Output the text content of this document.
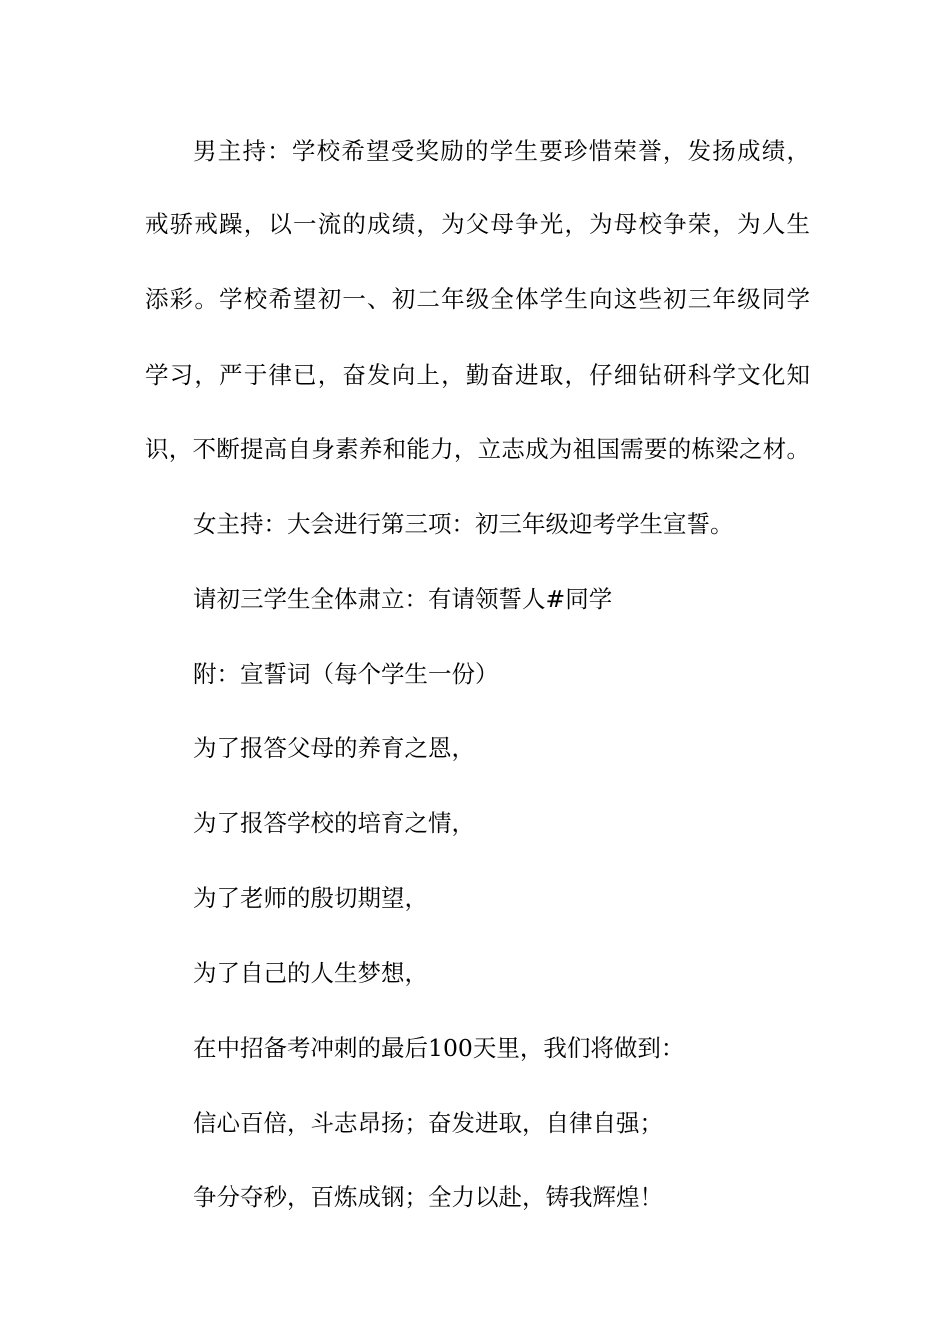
男主持：学校希望受奖励的学生要珍惜荣誉，发扬成绩，
戒骄戒躁，以一流的成绩，为父母争光，为母校争荣，为人生
添彩。学校希望初一、初二年级全体学生向这些初三年级同学
学习，严于律已，奋发向上，勤奋进取，仔细钻研科学文化知
识，不断提高自身素养和能力，立志成为祖国需要的栋梁之材。
女主持：大会进行第三项：初三年级迎考学生宣誓。
请初三学生全体肃立：有请领誓人#同学
附：宣誓词（每个学生一份）
为了报答父母的养育之恩，
为了报答学校的培育之情，
为了老师的殷切期望，
为了自己的人生梦想，
在中招备考冲刺的最后100天里，我们将做到：
信心百倍，斗志昂扬；奋发进取，自律自强；
争分夺秒，百炼成钢；全力以赴，铸我辉煌！
